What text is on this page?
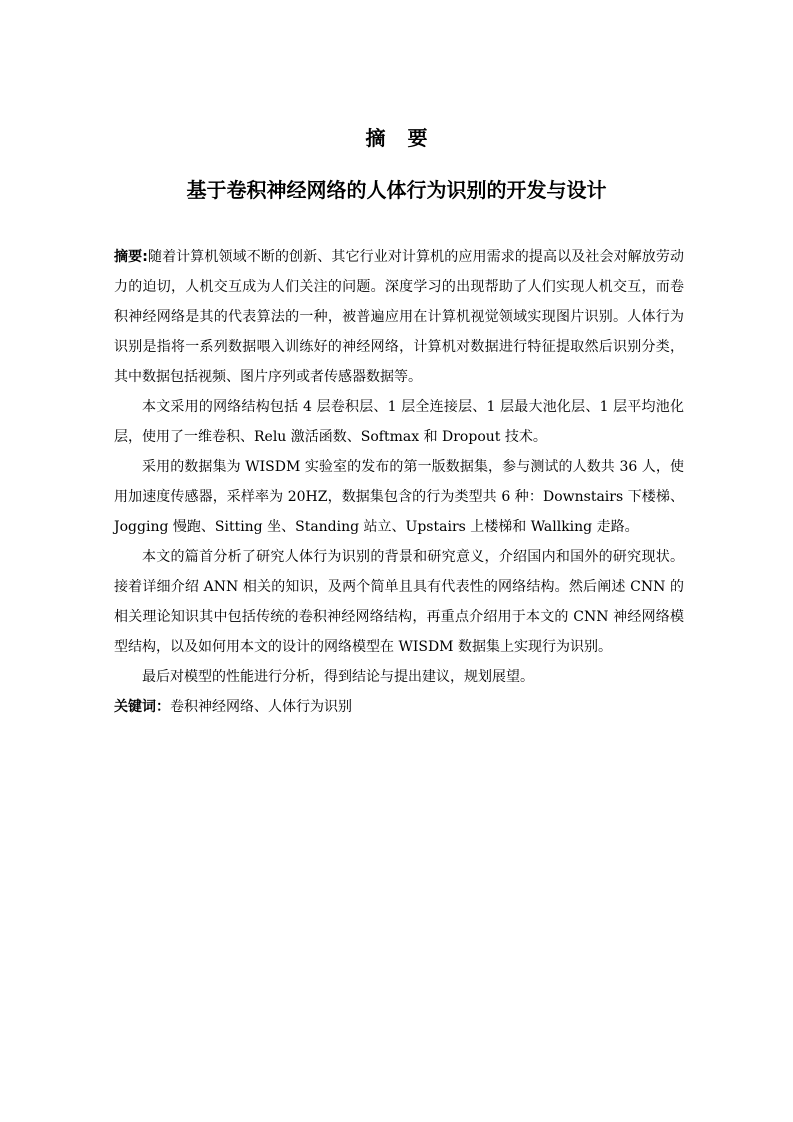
摘 要
基于卷积神经网络的人体行为识别的开发与设计

摘要:随着计算机领域不断的创新、其它行业对计算机的应用需求的提高以及社会对解放劳动力的迫切，人机交互成为人们关注的问题。深度学习的出现帮助了人们实现人机交互，而卷积神经网络是其的代表算法的一种，被普遍应用在计算机视觉领域实现图片识别。人体行为识别是指将一系列数据喂入训练好的神经网络，计算机对数据进行特征提取然后识别分类，其中数据包括视频、图片序列或者传感器数据等。

本文采用的网络结构包括 4 层卷积层、1 层全连接层、1 层最大池化层、1 层平均池化层，使用了一维卷积、Relu 激活函数、Softmax 和 Dropout 技术。

采用的数据集为 WISDM 实验室的发布的第一版数据集，参与测试的人数共 36 人，使用加速度传感器，采样率为 20HZ，数据集包含的行为类型共 6 种：Downstairs 下楼梯、Jogging 慢跑、Sitting 坐、Standing 站立、Upstairs 上楼梯和 Wallking 走路。

本文的篇首分析了研究人体行为识别的背景和研究意义，介绍国内和国外的研究现状。接着详细介绍 ANN 相关的知识，及两个简单且具有代表性的网络结构。然后阐述 CNN 的相关理论知识其中包括传统的卷积神经网络结构，再重点介绍用于本文的 CNN 神经网络模型结构，以及如何用本文的设计的网络模型在 WISDM 数据集上实现行为识别。

最后对模型的性能进行分析，得到结论与提出建议，规划展望。

关键词：卷积神经网络、人体行为识别
